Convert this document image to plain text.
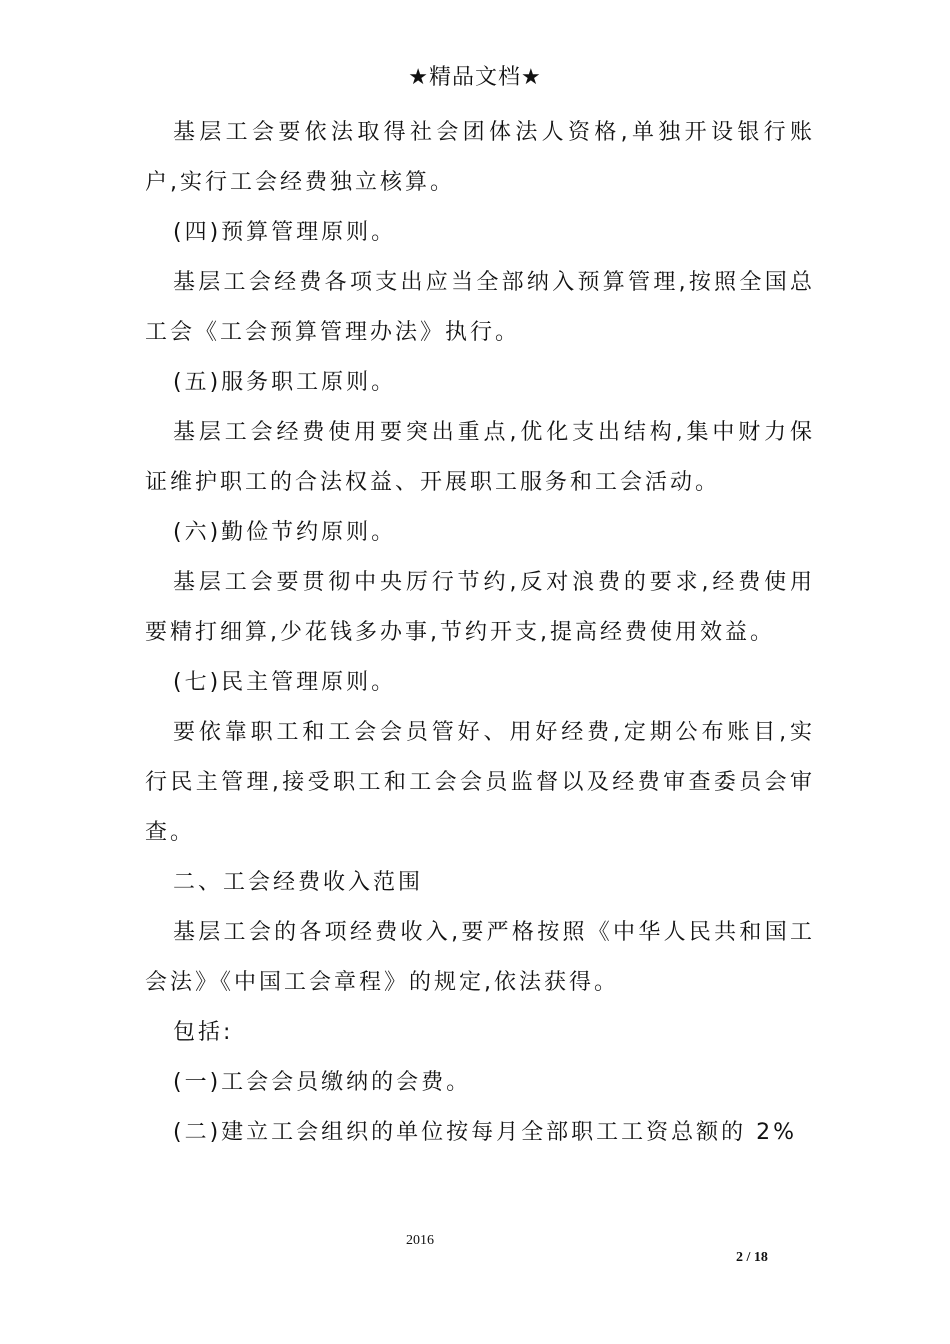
★精品文档★

基层工会要依法取得社会团体法人资格,单独开设银行账户,实行工会经费独立核算。

(四)预算管理原则。

基层工会经费各项支出应当全部纳入预算管理,按照全国总工会《工会预算管理办法》执行。

(五)服务职工原则。

基层工会经费使用要突出重点,优化支出结构,集中财力保证维护职工的合法权益、开展职工服务和工会活动。

(六)勤俭节约原则。

基层工会要贯彻中央厉行节约,反对浪费的要求,经费使用要精打细算,少花钱多办事,节约开支,提高经费使用效益。

(七)民主管理原则。

要依靠职工和工会会员管好、用好经费,定期公布账目,实行民主管理,接受职工和工会会员监督以及经费审查委员会审查。

二、工会经费收入范围

基层工会的各项经费收入,要严格按照《中华人民共和国工会法》《中国工会章程》的规定,依法获得。

包括:

(一)工会会员缴纳的会费。

(二)建立工会组织的单位按每月全部职工工资总额的 2%

2016
2 / 18
